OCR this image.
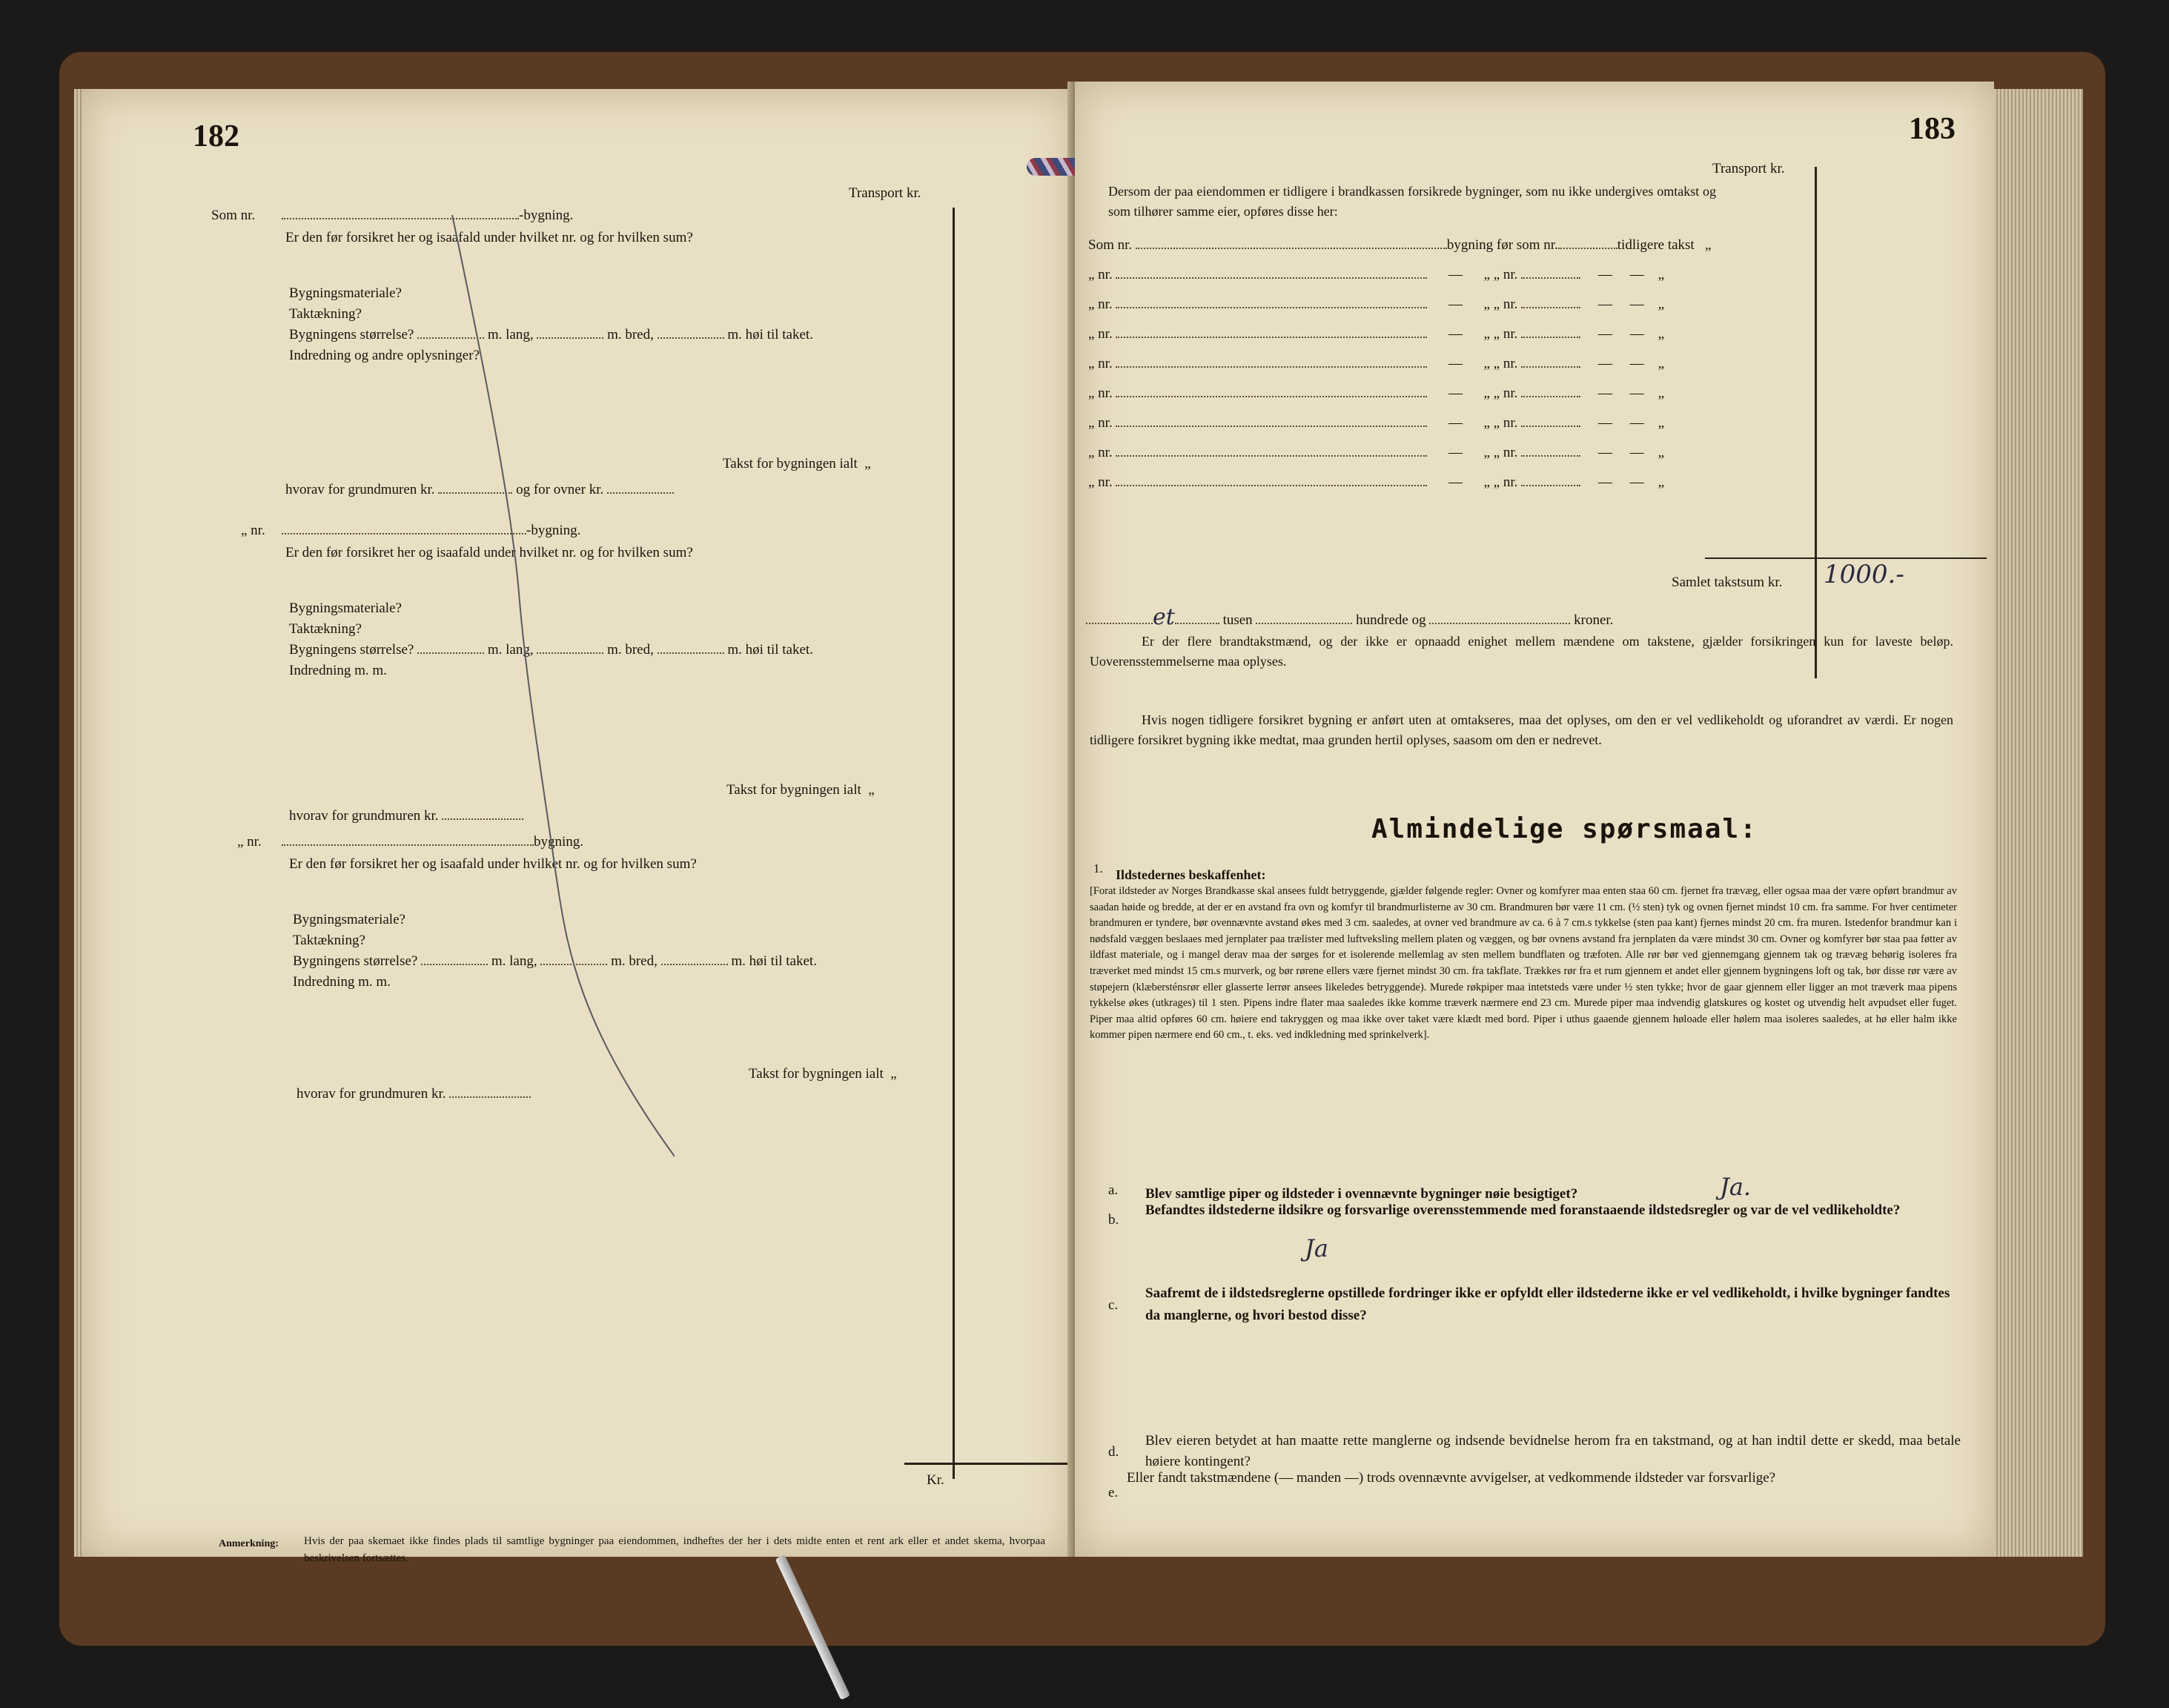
182
Transport kr.
Som nr.	-bygning.
Er den før forsikret her og isaafald under hvilket nr. og for hvilken sum?
Bygningsmateriale?
Taktækning?
Bygningens størrelse?	m. lang,	m. bred,	m. høi til taket.
Indredning og andre oplysninger?
Takst for bygningen ialt „
hvorav for grundmuren kr.	og for ovner kr.
„ nr.	-bygning.
Er den før forsikret her og isaafald under hvilket nr. og for hvilken sum?
Bygningsmateriale?
Taktækning?
Bygningens størrelse?	m. lang,	m. bred,	m. høi til taket.
Indredning m. m.
Takst for bygningen ialt „
hvorav for grundmuren kr.
„ nr.	bygning.
Er den før forsikret her og isaafald under hvilket nr. og for hvilken sum?
Bygningsmateriale?
Taktækning?
Bygningens størrelse?	m. lang,	m. bred,	m. høi til taket.
Indredning m. m.
Takst for bygningen ialt „
hvorav for grundmuren kr.
Kr.
Anmerkning: Hvis der paa skemaet ikke findes plads til samtlige bygninger paa eiendommen, indheftes der her i dets midte enten et rent ark eller et andet skema, hvorpaa beskrivelsen fortsættes.
183
Transport kr.
Dersom der paa eiendommen er tidligere i brandkassen forsikrede bygninger, som nu ikke undergives omtakst og som tilhører samme eier, opføres disse her:
Som nr.	bygning før som nr.	tidligere takst „
„ nr.	— „ „ nr.	— — „
„ nr.	— „ „ nr.	— — „
„ nr.	— „ „ nr.	— — „
„ nr.	— „ „ nr.	— — „
„ nr.	— „ „ nr.	— — „
„ nr.	— „ „ nr.	— — „
„ nr.	— „ „ nr.	— — „
„ nr.	— „ „ nr.	— — „
Samlet takstsum kr. 1000.-
et	tusen	hundrede og	kroner.
Er der flere brandtakstmænd, og der ikke er opnaadd enighet mellem mændene om takstene, gjælder forsikringen kun for laveste beløp. Uoverensstemmelserne maa oplyses.
Hvis nogen tidligere forsikret bygning er anført uten at omtakseres, maa det oplyses, om den er vel vedlikeholdt og uforandret av værdi. Er nogen tidligere forsikret bygning ikke medtat, maa grunden hertil oplyses, saasom om den er nedrevet.
Almindelige spørsmaal:
1. Ildstedernes beskaffenhet:
[Forat ildsteder av Norges Brandkasse skal ansees fuldt betryggende, gjælder følgende regler: Ovner og komfyrer maa enten staa 60 cm. fjernet fra trævæg, eller ogsaa maa der være opført brandmur av saadan høide og bredde, at der er en avstand fra ovn og komfyr til brandmurlisterne av 30 cm. Brandmuren bør være 11 cm. (½ sten) tyk og ovnen fjernet mindst 10 cm. fra samme. For hver centimeter brandmuren er tyndere, bør ovennævnte avstand økes med 3 cm. saaledes, at ovner ved brandmure av ca. 6 à 7 cm.s tykkelse (sten paa kant) fjernes mindst 20 cm. fra muren. Istedenfor brandmur kan i nødsfald væggen beslaaes med jernplater paa trælister med luftveksling mellem platen og væggen, og bør ovnens avstand fra jernplaten da være mindst 30 cm. Ovner og komfyrer bør staa paa føtter av ildfast materiale, og i mangel derav maa der sørges for et isolerende mellemlag av sten mellem bundflaten og træfoten. Alle rør bør ved gjennemgang gjennem tak og trævæg behørig isoleres fra træverket med mindst 15 cm.s murverk, og bør rørene ellers være fjernet mindst 30 cm. fra takflate. Trækkes rør fra et rum gjennem et andet eller gjennem bygningens loft og tak, bør disse rør være av støpejern (klæbersténsrør eller glasserte lerrør ansees likeledes betryggende). Murede røkpiper maa intetsteds være under ½ sten tykke; hvor de gaar gjennem eller ligger an mot træverk maa pipens tykkelse økes (utkrages) til 1 sten. Pipens indre flater maa saaledes ikke komme træverk nærmere end 23 cm. Murede piper maa indvendig glatskures og kostet og utvendig helt avpudset eller fuget. Piper maa altid opføres 60 cm. høiere end takryggen og maa ikke over taket være klædt med bord. Piper i uthus gaaende gjennem høloade eller hølem maa isoleres saaledes, at hø eller halm ikke kommer pipen nærmere end 60 cm., t. eks. ved indkledning med sprinkelverk].
a. Blev samtlige piper og ildsteder i ovennævnte bygninger nøie besigtiget?	Ja.
b.
Befandtes ildstederne ildsikre og forsvarlige overensstemmende med foranstaaende ildstedsregler og var de vel vedlikeholdte?
Ja
c.
Saafremt de i ildstedsreglerne opstillede fordringer ikke er opfyldt eller ildstederne ikke er vel vedlikeholdt, i hvilke bygninger fandtes da manglerne, og hvori bestod disse?
d.
Blev eieren betydet at han maatte rette manglerne og indsende bevidnelse herom fra en takstmand, og at han indtil dette er skedd, maa betale høiere kontingent?
e.
Eller fandt takstmændene (— manden —) trods ovennævnte avvigelser, at vedkommende ildsteder var forsvarlige?
